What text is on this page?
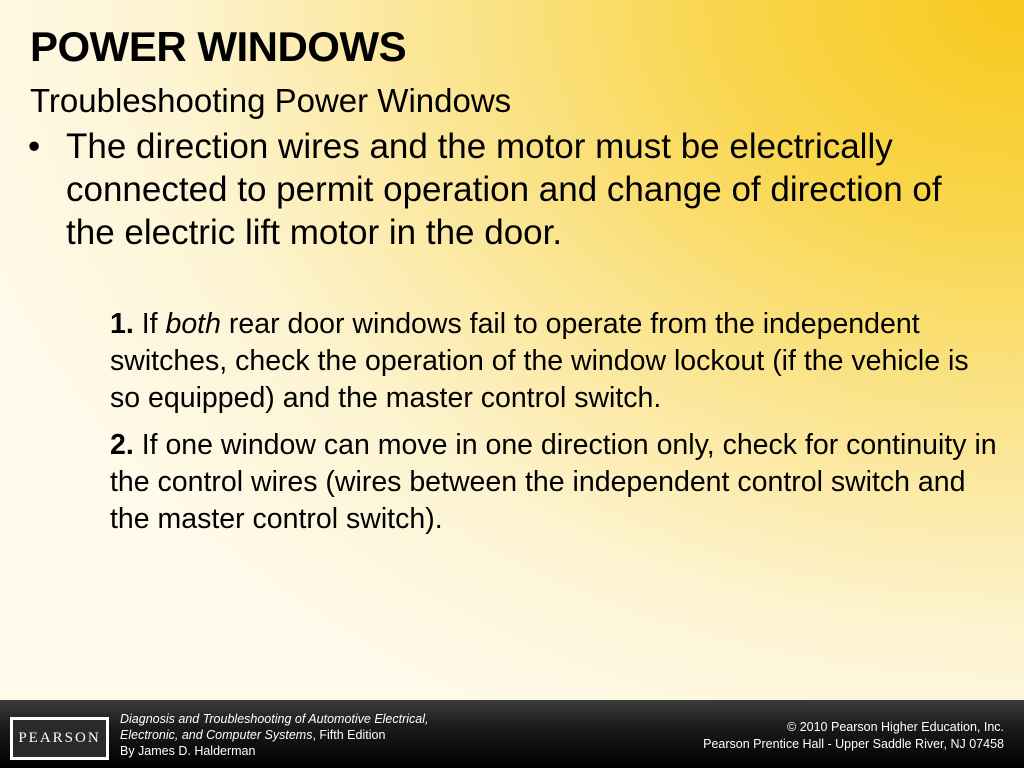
POWER WINDOWS
Troubleshooting Power Windows
• The direction wires and the motor must be electrically connected to permit operation and change of direction of the electric lift motor in the door.

1. If both rear door windows fail to operate from the independent switches, check the operation of the window lockout (if the vehicle is so equipped) and the master control switch.

2. If one window can move in one direction only, check for continuity in the control wires (wires between the independent control switch and the master control switch).

PEARSON
Diagnosis and Troubleshooting of Automotive Electrical,
Electronic, and Computer Systems, Fifth Edition
By James D. Halderman
© 2010 Pearson Higher Education, Inc.
Pearson Prentice Hall - Upper Saddle River, NJ 07458
